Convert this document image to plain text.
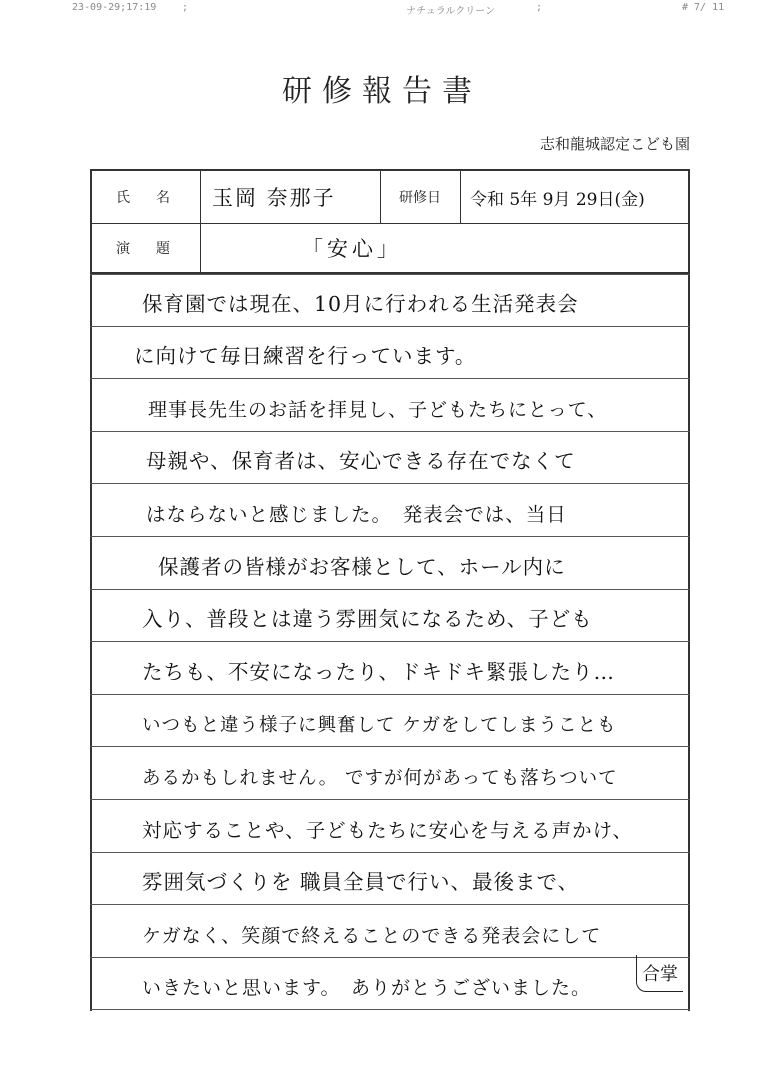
23-09-29;17:19	;	ナチュラルクリーン	;	# 7/ 11
研修報告書
志和龍城認定こども園
氏　名	玉岡 奈那子	研修日	令和 5年 9月 29日(金)
演　題	「安心」
保育園では現在、10月に行われる生活発表会
に向けて毎日練習を行っています。
理事長先生のお話を拝見し、子どもたちにとって、
母親や、保育者は、安心できる存在でなくて
はならないと感じました。　発表会では、当日
保護者の皆様がお客様として、ホール内に
入り、普段とは違う雰囲気になるため、子ども
たちも、不安になったり、ドキドキ緊張したり…
いつもと違う様子に興奮して ケガをしてしまうことも
あるかもしれません。 ですが何があっても落ちついて
対応することや、子どもたちに安心を与える声かけ、
雰囲気づくりを 職員全員で行い、最後まで、
ケガなく、笑顔で終えることのできる発表会にして
いきたいと思います。　ありがとうございました。
合掌
